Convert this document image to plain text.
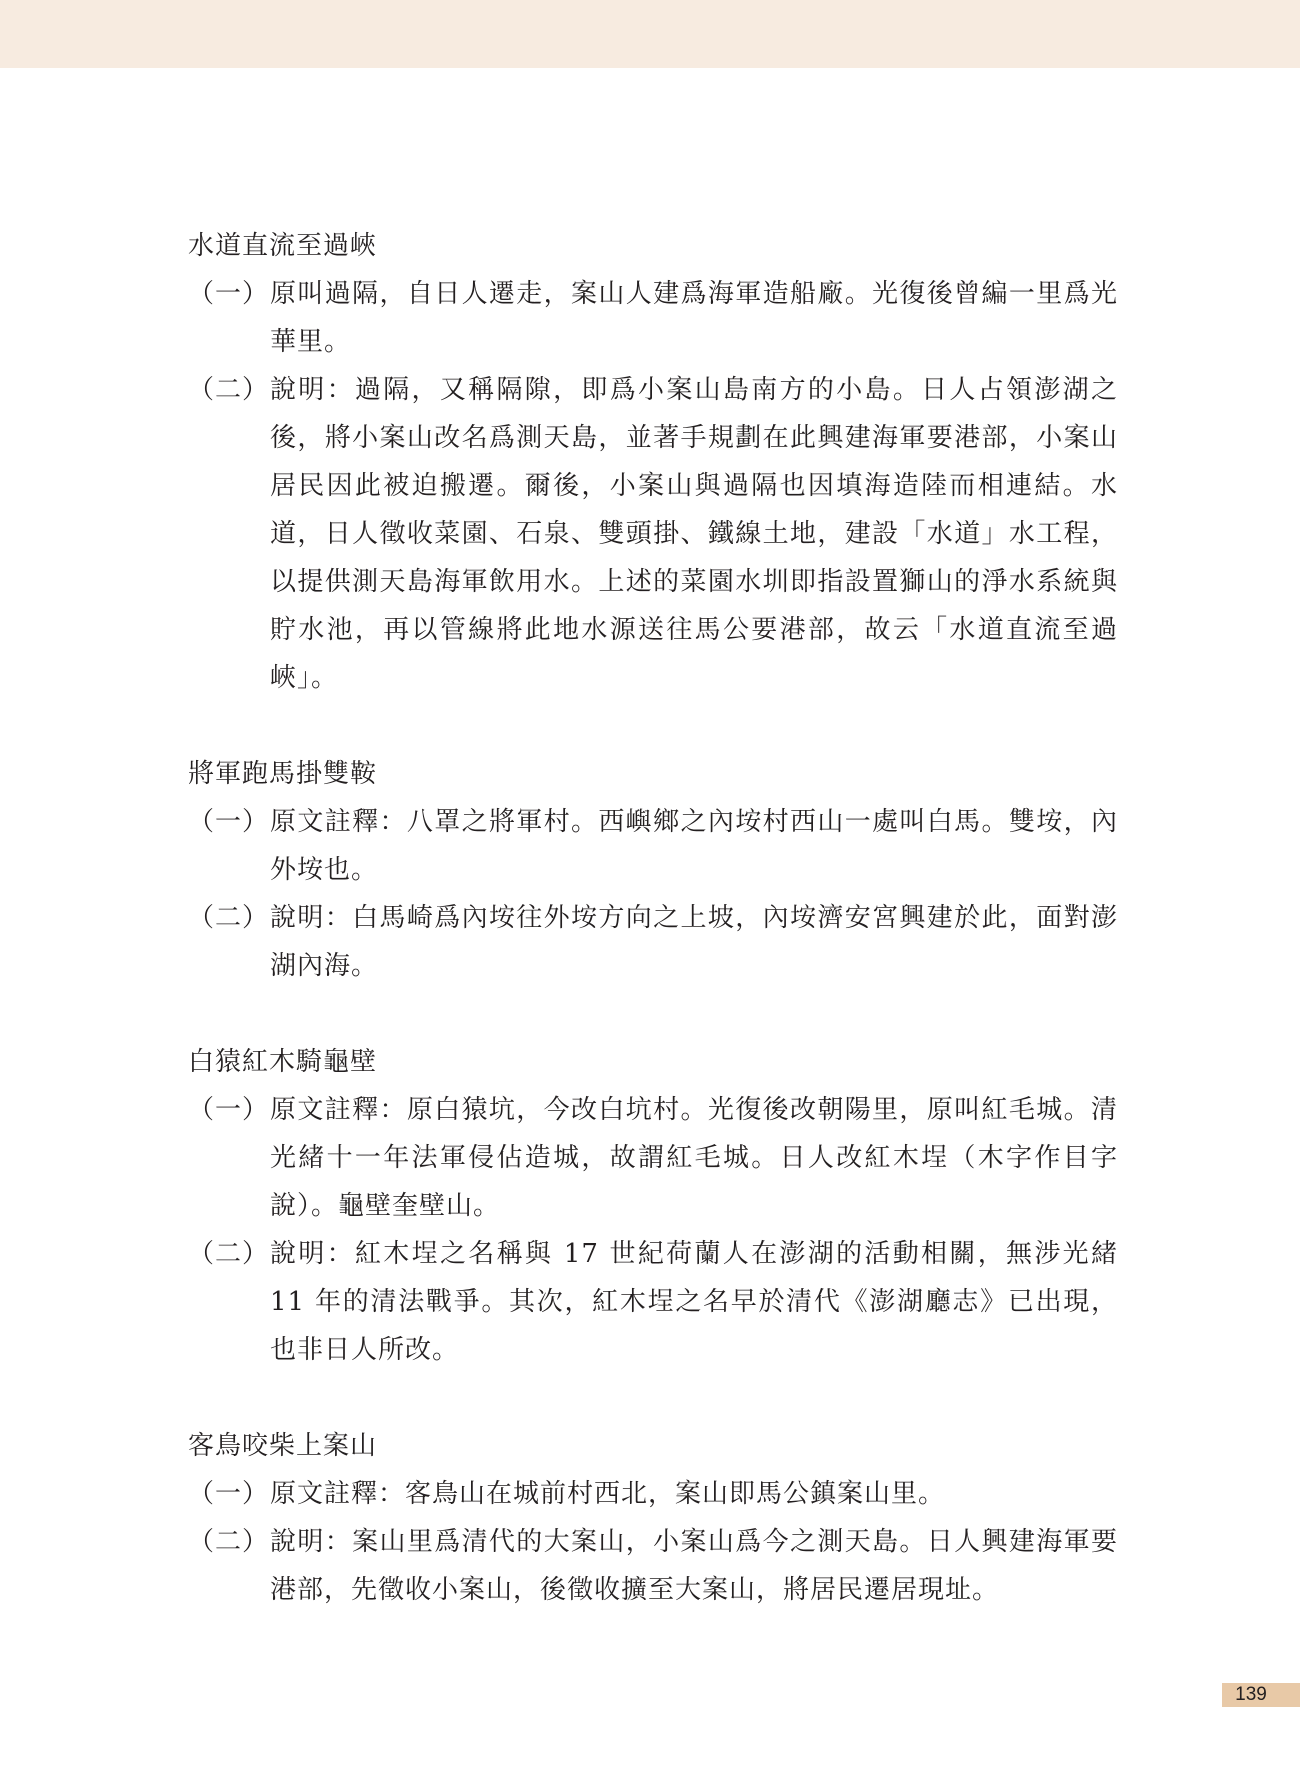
水道直流至過峽
（一） 原叫過隔，自日人遷走，案山人建爲海軍造船廠。光復後曾編一里爲光華里。
（二） 說明：過隔，又稱隔隙，即爲小案山島南方的小島。日人占領澎湖之後，將小案山改名爲測天島，並著手規劃在此興建海軍要港部，小案山居民因此被迫搬遷。爾後，小案山與過隔也因填海造陸而相連結。水道，日人徵收菜園、石泉、雙頭掛、鐵線土地，建設「水道」水工程，以提供測天島海軍飲用水。上述的菜園水圳即指設置獅山的淨水系統與貯水池，再以管線將此地水源送往馬公要港部，故云「水道直流至過峽」。
將軍跑馬掛雙鞍
（一） 原文註釋：八罩之將軍村。西嶼鄉之內垵村西山一處叫白馬。雙垵，內外垵也。
（二） 說明：白馬崎爲內垵往外垵方向之上坡，內垵濟安宮興建於此，面對澎湖內海。
白猿紅木騎龜壁
（一） 原文註釋：原白猿坑，今改白坑村。光復後改朝陽里，原叫紅毛城。清光緒十一年法軍侵佔造城，故謂紅毛城。日人改紅木埕（木字作目字說）。龜壁奎壁山。
（二） 說明：紅木埕之名稱與 17 世紀荷蘭人在澎湖的活動相關，無涉光緒 11 年的清法戰爭。其次，紅木埕之名早於清代《澎湖廳志》已出現，也非日人所改。
客鳥咬柴上案山
（一） 原文註釋：客鳥山在城前村西北，案山即馬公鎮案山里。
（二） 說明：案山里爲清代的大案山，小案山爲今之測天島。日人興建海軍要港部，先徵收小案山，後徵收擴至大案山，將居民遷居現址。
139
